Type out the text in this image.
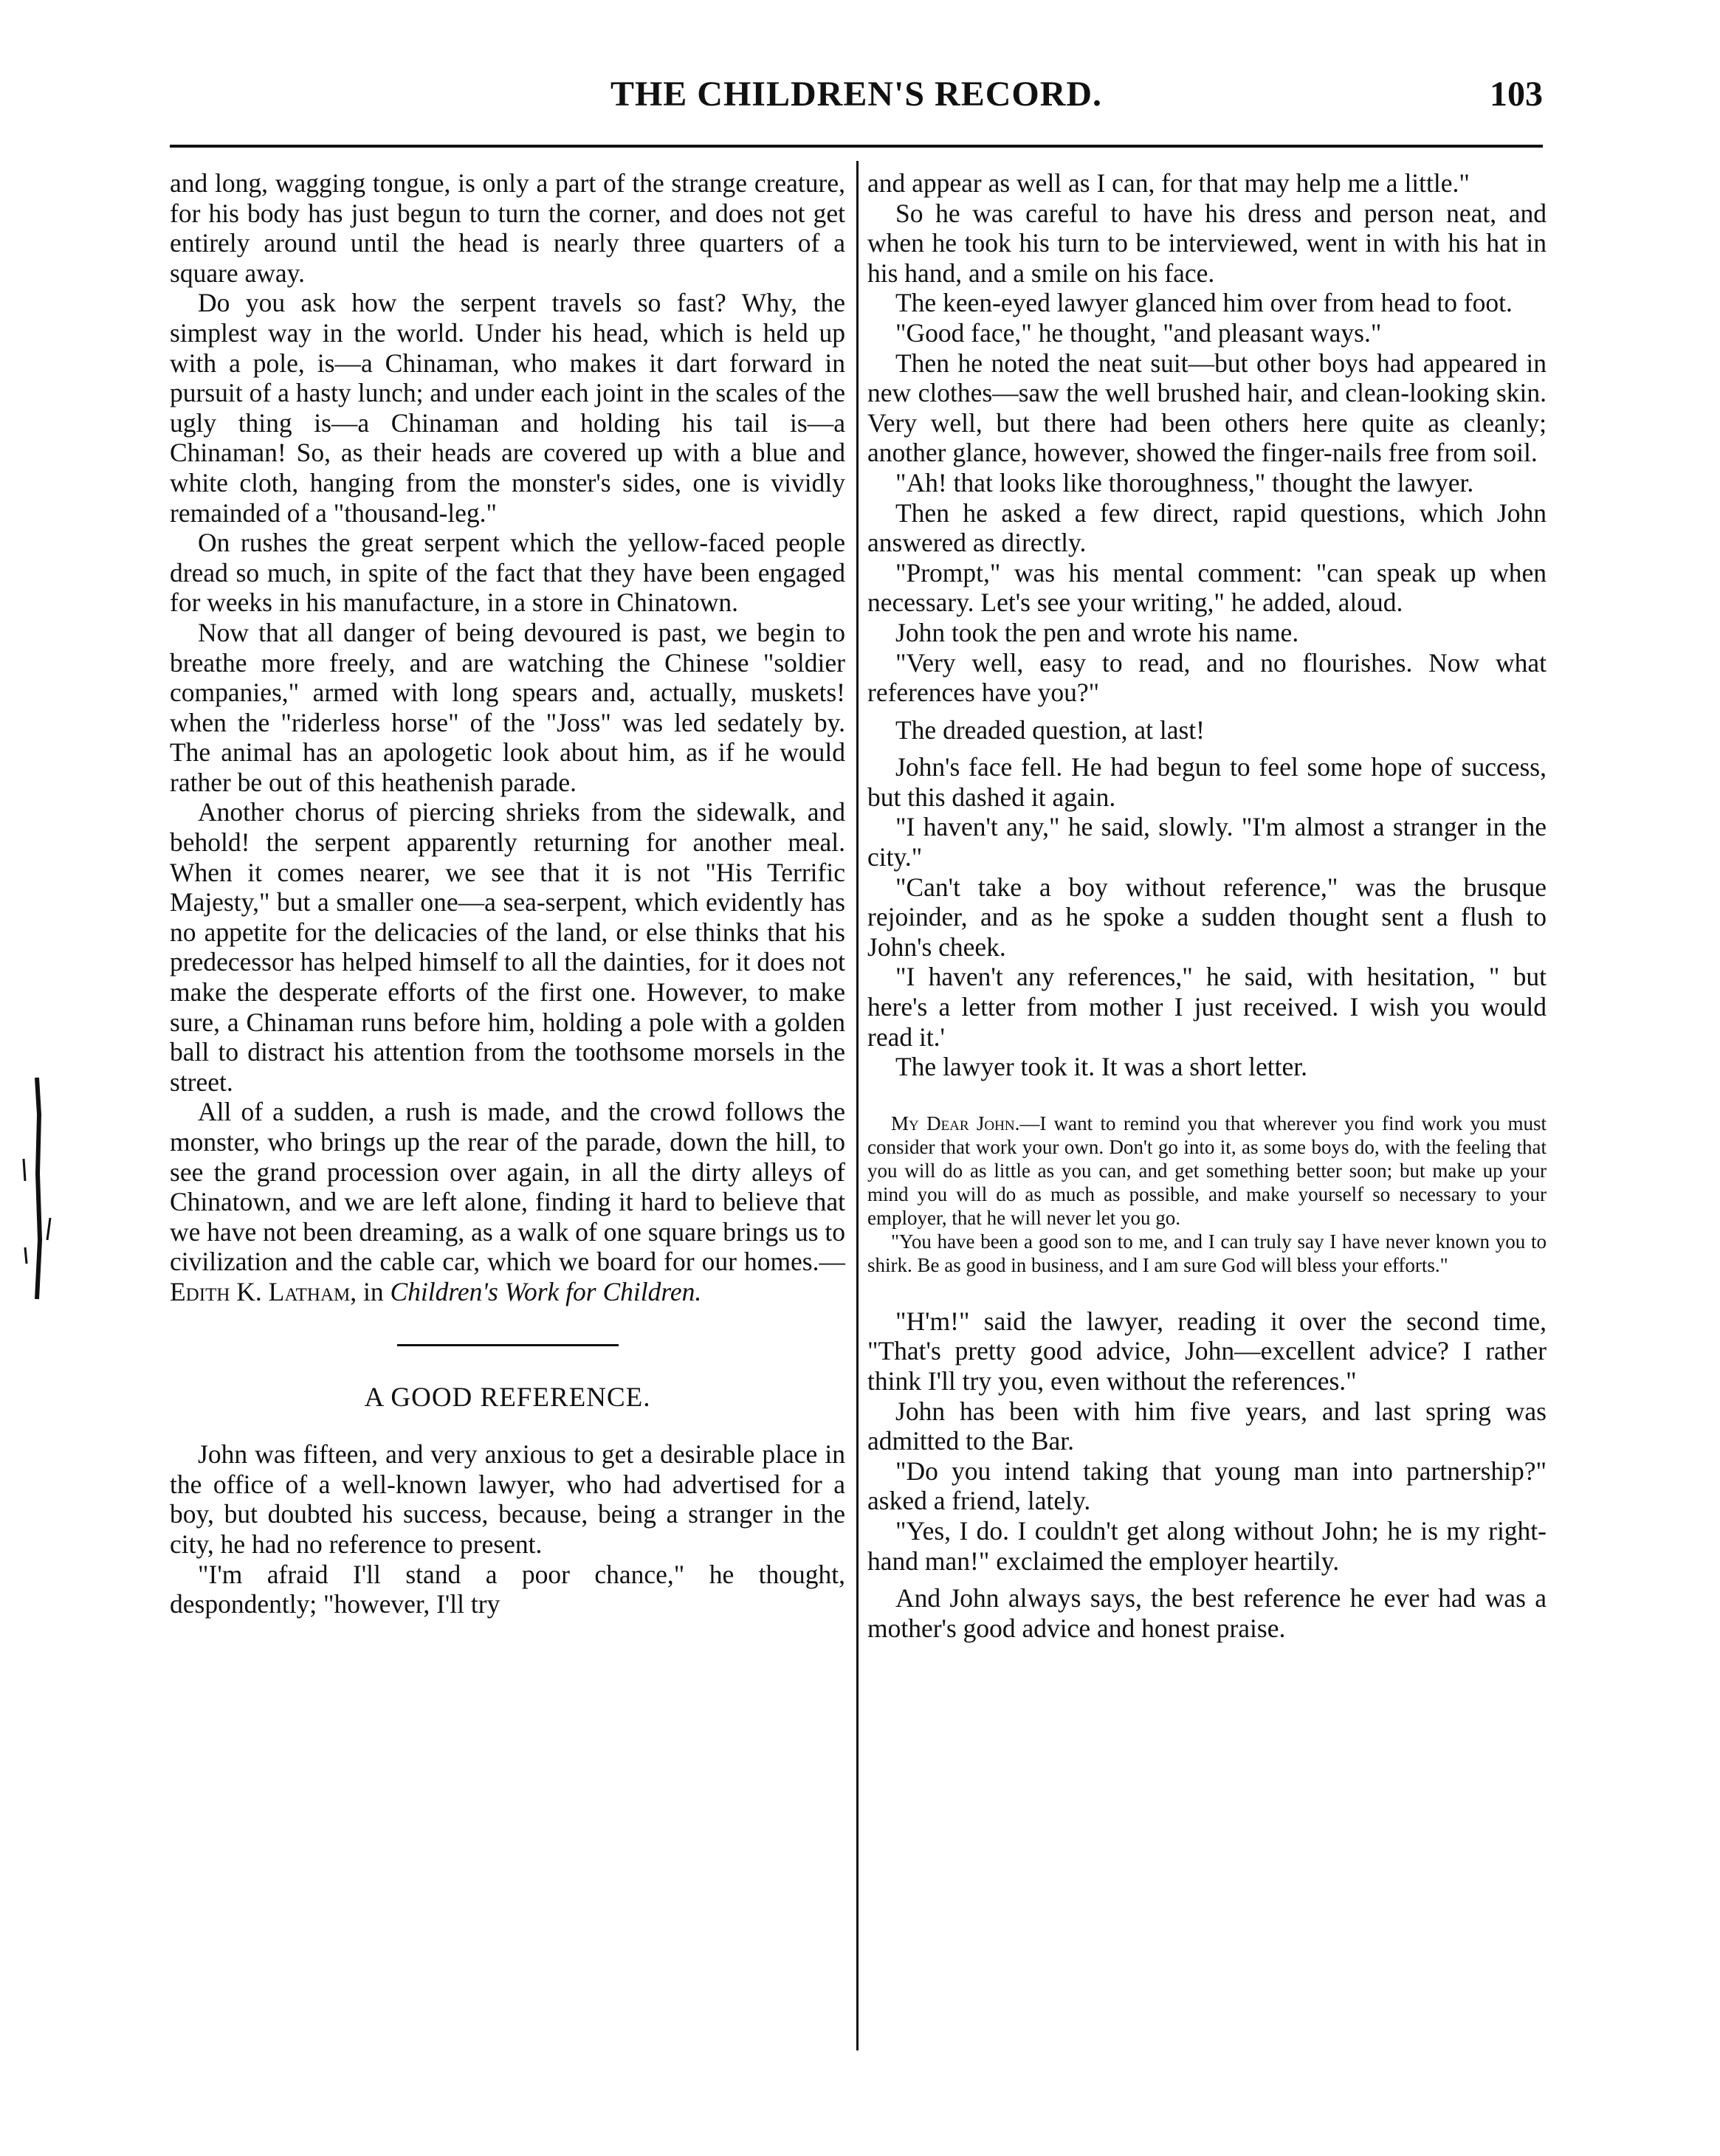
THE CHILDREN'S RECORD.	103

and long, wagging tongue, is only a part of the strange creature, for his body has just begun to turn the corner, and does not get entirely around until the head is nearly three quarters of a square away.

Do you ask how the serpent travels so fast? Why, the simplest way in the world. Under his head, which is held up with a pole, is—a Chinaman, who makes it dart forward in pursuit of a hasty lunch; and under each joint in the scales of the ugly thing is—a Chinaman and holding his tail is—a Chinaman! So, as their heads are covered up with a blue and white cloth, hanging from the monster's sides, one is vividly remainded of a "thousand-leg."

On rushes the great serpent which the yellow-faced people dread so much, in spite of the fact that they have been engaged for weeks in his manufacture, in a store in Chinatown.

Now that all danger of being devoured is past, we begin to breathe more freely, and are watching the Chinese "soldier companies," armed with long spears and, actually, muskets! when the "riderless horse" of the "Joss" was led sedately by. The animal has an apologetic look about him, as if he would rather be out of this heathenish parade.

Another chorus of piercing shrieks from the sidewalk, and behold! the serpent apparently returning for another meal. When it comes nearer, we see that it is not "His Terrific Majesty," but a smaller one—a sea-serpent, which evidently has no appetite for the delicacies of the land, or else thinks that his predecessor has helped himself to all the dainties, for it does not make the desperate efforts of the first one. However, to make sure, a Chinaman runs before him, holding a pole with a golden ball to distract his attention from the toothsome morsels in the street.

All of a sudden, a rush is made, and the crowd follows the monster, who brings up the rear of the parade, down the hill, to see the grand procession over again, in all the dirty alleys of Chinatown, and we are left alone, finding it hard to believe that we have not been dreaming, as a walk of one square brings us to civilization and the cable car, which we board for our homes.—Edith K. Latham, in Children's Work for Children.

A GOOD REFERENCE.

John was fifteen, and very anxious to get a desirable place in the office of a well-known lawyer, who had advertised for a boy, but doubted his success, because, being a stranger in the city, he had no reference to present.

"I'm afraid I'll stand a poor chance," he thought, despondently; "however, I'll try

and appear as well as I can, for that may help me a little."

So he was careful to have his dress and person neat, and when he took his turn to be interviewed, went in with his hat in his hand, and a smile on his face.

The keen-eyed lawyer glanced him over from head to foot.

"Good face," he thought, "and pleasant ways."

Then he noted the neat suit—but other boys had appeared in new clothes—saw the well brushed hair, and clean-looking skin. Very well, but there had been others here quite as cleanly; another glance, however, showed the finger-nails free from soil.

"Ah! that looks like thoroughness," thought the lawyer.

Then he asked a few direct, rapid questions, which John answered as directly.

"Prompt," was his mental comment: "can speak up when necessary. Let's see your writing," he added, aloud.

John took the pen and wrote his name.

"Very well, easy to read, and no flourishes. Now what references have you?"

The dreaded question, at last!

John's face fell. He had begun to feel some hope of success, but this dashed it again.

"I haven't any," he said, slowly. "I'm almost a stranger in the city."

"Can't take a boy without reference," was the brusque rejoinder, and as he spoke a sudden thought sent a flush to John's cheek.

"I haven't any references," he said, with hesitation, " but here's a letter from mother I just received. I wish you would read it.'

The lawyer took it. It was a short letter.

My Dear John.—I want to remind you that wherever you find work you must consider that work your own. Don't go into it, as some boys do, with the feeling that you will do as little as you can, and get something better soon; but make up your mind you will do as much as possible, and make yourself so necessary to your employer, that he will never let you go.

"You have been a good son to me, and I can truly say I have never known you to shirk. Be as good in business, and I am sure God will bless your efforts."

"H'm!" said the lawyer, reading it over the second time, "That's pretty good advice, John—excellent advice? I rather think I'll try you, even without the references."

John has been with him five years, and last spring was admitted to the Bar.

"Do you intend taking that young man into partnership?" asked a friend, lately.

"Yes, I do. I couldn't get along without John; he is my right-hand man!" exclaimed the employer heartily.

And John always says, the best reference he ever had was a mother's good advice and honest praise.
